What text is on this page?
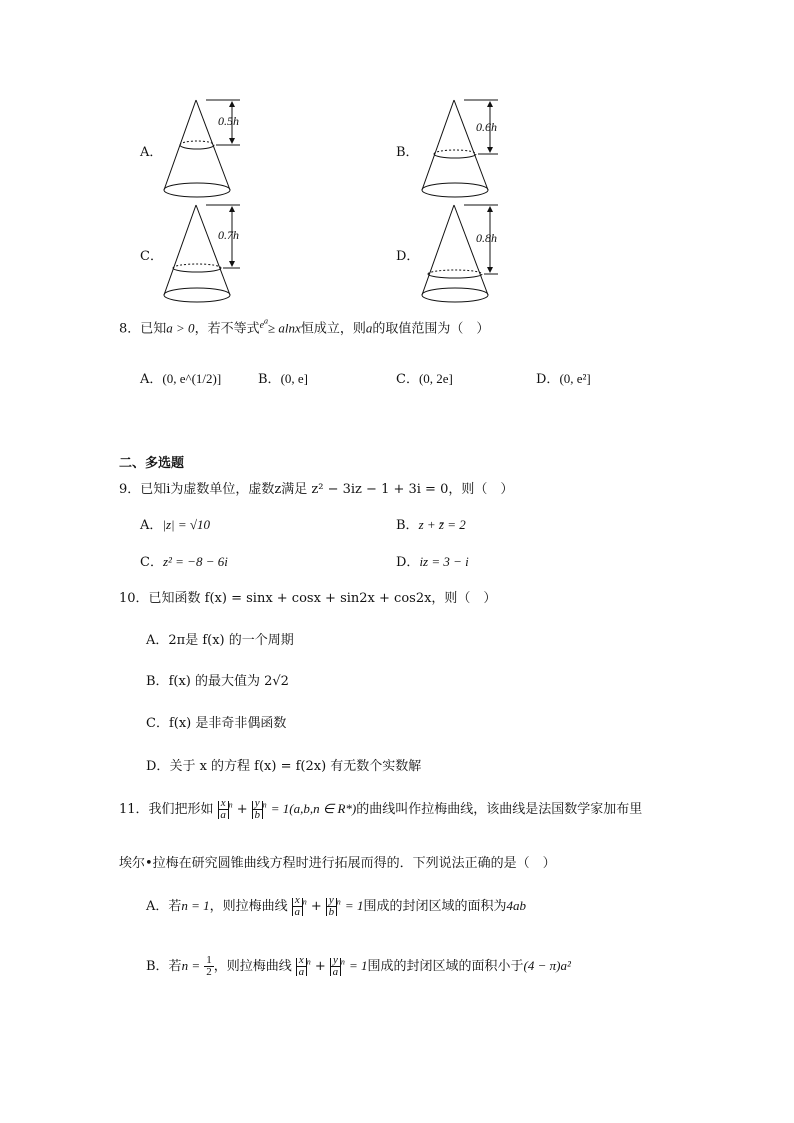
A．
0.5h
B．
0.6h
C．
0.7h
D．
0.8h
8．已知a > 0，若不等式$^{e^a}$≥ alnx恒成立，则a的取值范围为（　）
A．(0, e^(1/2)]	B．(0, e]	C．(0, 2e]	D．(0, e²]
二、多选题
9．已知i为虚数单位，虚数z满足 z² − 3iz − 1 + 3i = 0，则（　）
A．|z| = √10	B．z + z̄ = 2
C．z² = −8 − 6i	D．iz = 3 − i
10．已知函数 f(x) = sinx + cosx + sin2x + cos2x，则（　）
A．2π是 f(x) 的一个周期
B．f(x) 的最大值为 2√2
C．f(x) 是非奇非偶函数
D．关于 x 的方程 f(x) = f(2x) 有无数个实数解
11．我们把形如 $\frac{x}{a} ^n + \frac{y}{b} ^n = 1(a,b,n$ ∈ R*)的曲线叫作拉梅曲线，该曲线是法国数学家加布里
埃尔•拉梅在研究圆锥曲线方程时进行拓展而得的．下列说法正确的是（　）
A．若n = 1，则拉梅曲线 $\frac{x}{a} ^n + \frac{y}{b} ^n = 1$围成的封闭区域的面积为4ab
B．若$n = \frac{1}{2}$ ，则拉梅曲线 $\frac{x}{a} ^n + \frac{y}{a} ^n = 1$围成的封闭区域的面积小于(4 − π)a²
